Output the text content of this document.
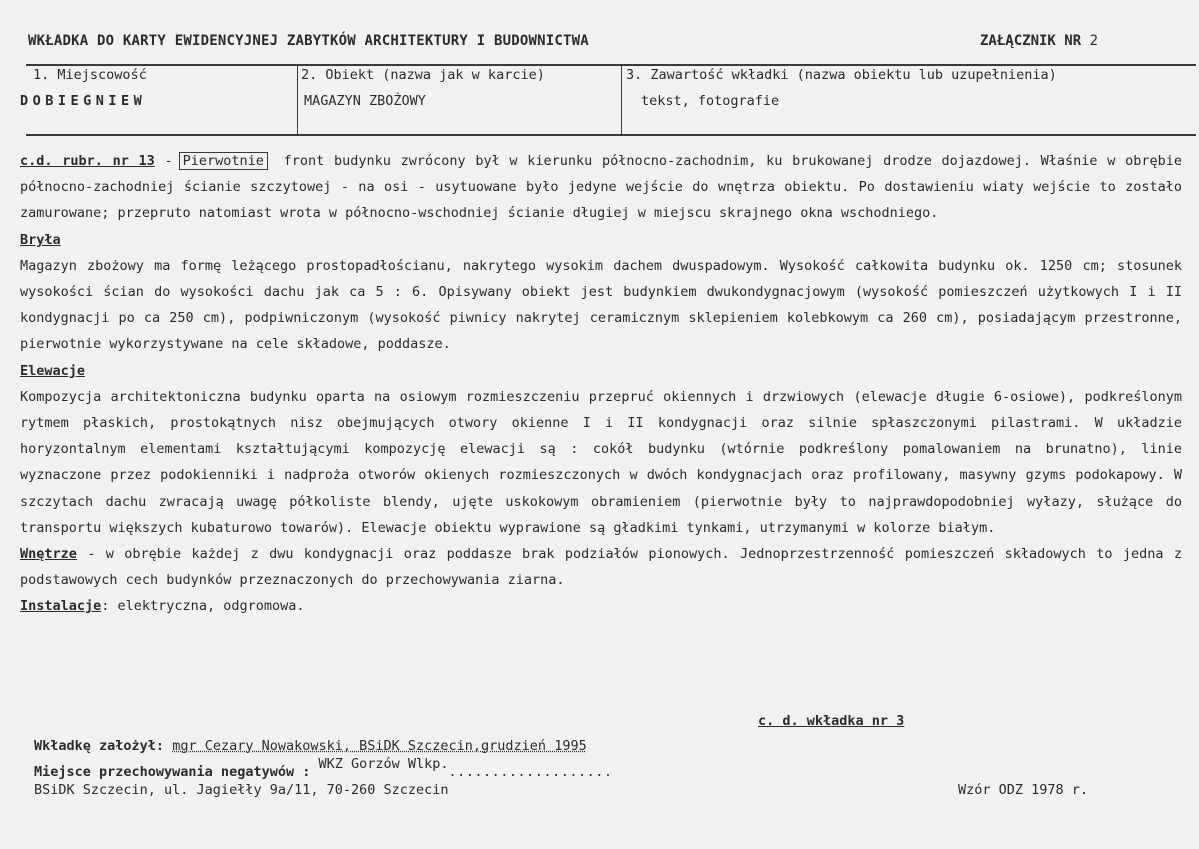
WKŁADKA DO KARTY EWIDENCYJNEJ ZABYTKÓW ARCHITEKTURY I BUDOWNICTWA	ZAŁĄCZNIK NR 2
1. Miejscowość
DOBIEGNIEW
2. Obiekt (nazwa jak w karcie)
MAGAZYN ZBOŻOWY
3. Zawartość wkładki (nazwa obiektu lub uzupełnienia)
tekst, fotografie

c.d. rubr. nr 13 - Pierwotnie front budynku zwrócony był w kierunku północno-zachodnim, ku brukowanej drodze dojazdowej. Właśnie w obrębie północno-zachodniej ścianie szczytowej - na osi - usytuowane było jedyne wejście do wnętrza obiektu. Po dostawieniu wiaty wejście to zostało zamurowane; przepruto natomiast wrota w północno-wschodniej ścianie długiej w miejscu skrajnego okna wschodniego.

Bryła

Magazyn zbożowy ma formę leżącego prostopadłościanu, nakrytego wysokim dachem dwuspadowym. Wysokość całkowita budynku ok. 1250 cm; stosunek wysokości ścian do wysokości dachu jak ca 5 : 6. Opisywany obiekt jest budynkiem dwukondygnacjowym (wysokość pomieszczeń użytkowych I i II kondygnacji po ca 250 cm), podpiwniczonym (wysokość piwnicy nakrytej ceramicznym sklepieniem kolebkowym ca 260 cm), posiadającym przestronne, pierwotnie wykorzystywane na cele składowe, poddasze.

Elewacje

Kompozycja architektoniczna budynku oparta na osiowym rozmieszczeniu przepruć okiennych i drzwiowych (elewacje długie 6-osiowe), podkreślonym rytmem płaskich, prostokątnych nisz obejmujących otwory okienne I i II kondygnacji oraz silnie spłaszczonymi pilastrami. W układzie horyzontalnym elementami kształtującymi kompozycję elewacji są : cokół budynku (wtórnie podkreślony pomalowaniem na brunatno), linie wyznaczone przez podokienniki i nadproża otworów okienych rozmieszczonych w dwóch kondygnacjach oraz profilowany, masywny gzyms podokapowy. W szczytach dachu zwracają uwagę półkoliste blendy, ujęte uskokowym obramieniem (pierwotnie były to najprawdopodobniej wyłazy, służące do transportu większych kubaturowo towarów). Elewacje obiektu wyprawione są gładkimi tynkami, utrzymanymi w kolorze białym.

Wnętrze - w obrębie każdej z dwu kondygnacji oraz poddasze brak podziałów pionowych. Jednoprzestrzenność pomieszczeń składowych to jedna z podstawowych cech budynków przeznaczonych do przechowywania ziarna.

Instalacje: elektryczna, odgromowa.

c. d. wkładka nr 3
Wkładkę założył: mgr Cezary Nowakowski, BSiDK Szczecin,grudzień 1995
Miejsce przechowywania negatywów : WKZ Gorzów Wlkp....................
BSiDK Szczecin, ul. Jagiełły 9a/11, 70-260 Szczecin	Wzór ODZ 1978 r.
